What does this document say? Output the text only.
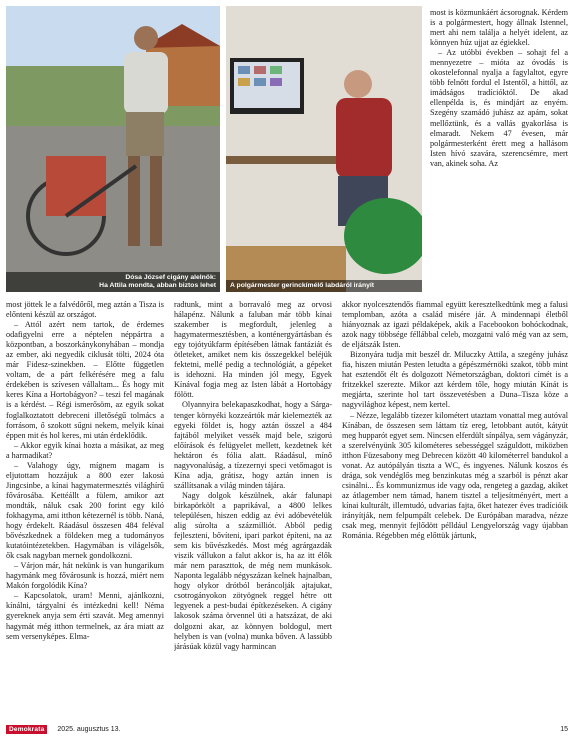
Dósa József cigány alelnök:
Ha Attila mondta, abban biztos lehet A polgármester gerinckímélő labdáról irányít

most is közmunkáért ácsorognak. Kérdem is a polgármestert, hogy állnak Istennel, mert ahi nem találja a helyét idelent, az könnyen húz ujjat az égiekkel.

– Az utóbbi években – sohajt fel a mennyezetre – mióta az óvodás is okostelefonnal nyalja a fagylaltot, egyre több felnőtt fordul el Istentől, a hittől, az imádságos tradícióktól. De akad ellenpélda is, és mindjárt az enyém. Szegény szamádó juhász az apám, sokat mellőztünk, és a vallás gyakorlása is elmaradt. Nekem 47 évesen, már polgármesterként érett meg a hallásom Isten hívó szavára, szerencsémre, mert van, akinek soha. Az

most jöttek le a falvédőről, meg aztán a Tisza is előnteni készül az országot.

– Attól azért nem tartok, de érdemes odafigyelni erre a néptelen néppártra a központban, a boszorkánykonyhában – mondja az ember, aki negyedik ciklusát tölti, 2024 óta már Fidesz-szinekben. – Előtte független voltam, de a párt felkérésére meg a falu érdekében is szívesen vállaltam... És hogy mit keres Kína a Hortobágyon? – teszi fel magának is a kérdést. – Régi ismerősöm, az egyik sokat foglalkoztatott debreceni illetőségű tolmács a forrásom, ő szokott sűgni nekem, melyik kínai éppen mit és hol keres, mi után érdeklődik.

– Akkor egyik kínai hozta a másikat, az meg a harmadikat?

– Valahogy úgy, mígnem magam is eljutottam hozzájuk a 800 ezer lakosú Jingcsinbe, a kínai hagymatermesztés világhírű fővárosába. Kettéállt a fülem, amikor azt mondták, náluk csak 200 forint egy kiló fokhagyma, ami itthon kétezernél is több. Naná, hogy érdekelt. Ráadásul összesen 484 feléval bővészkednek a földeken meg a tudományos kutatóintézetekben. Hagymában is világelsők, ők csak nagyban mernek gondolkozni.

– Várjon már, hát nekünk is van hungarikum hagymánk meg fővárosunk is hozzá, miért nem Makón forgolódik Kína?

– Kapcsolatok, uram! Menni, ajánlkozni, kínálni, tárgyalni és intézkedni kell! Néma gyereknek anyja sem érti szavát. Meg amennyi hagymát még itthon termelnek, az ára miatt az sem versenyképes. Elma-

radtunk, mint a borravaló meg az orvosi hálapénz. Nálunk a faluban már több kínai szakember is megfordult, jelenleg a hagymatermesztésben, a konténergyártásban és egy tojótyúkfarm építésében látnak fantáziát és ötleteket, amiket nem kis összegekkel beléjük fektetni, mellé pedig a technológiát, a gépeket is idehozni. Ha minden jól megy, Egyek Kínával fogja meg az Isten lábát a Hortobágy fölött.

Olyannyira belekapaszkodhat, hogy a Sárga-tenger környéki kozzeártók már kielemezték az egyeki földet is, hogy aztán összel a 484 fajtából melyiket vessék majd bele, szigorú előírások és felügyelet mellett, kezdetnek két hektáron és fólia alatt. Ráadásul, mínő nagyvonalúság, a tízezernyi speci vetőmagot is Kína adja, grátisz, hogy aztán innen is szállítsanak a világ minden tájára.

Nagy dolgok készülnek, akár falunapi birkapörkölt a paprikával, a 4800 lelkes településen, hiszen eddig az évi adóbevételük alig súrolta a százmilliót. Abból pedig fejleszteni, bővíteni, ipari parkot építeni, na az sem kis bűvészkedés. Most még agrárgazdák viszik vállukon a falut akkor is, ha az itt élők már nem paraszttok, de még nem munkások. Naponta legalább négyszázan kelnek hajnalban, hogy olykor drótból beráncolják ajtajukat, csotrogányokon zötyögnek reggel hétre ott legyenek a pest-budai építkezéseken. A cigány lakosok száma örvennel üti a hatszázat, de aki dolgozni akar, az könnyen boldogul, mert helyben is van (volna) munka bőven. A lassúbb járásúak közül vagy harmincan

akkor nyolcesztendős fiammal együtt keresztelkedtünk meg a falusi templomban, azóta a család misére jár. A mindennapi életből hiányoznak az igazi példaképek, akik a Facebookon bohóckodnak, azok nagy többsége féllábbal celeb, mozgatni való még van az sem, de eljátszák Isten.

Bizonyára tudja mit beszél dr. Miluczky Attila, a szegény juhász fia, hiszen miután Pesten letudta a gépészmérnöki szakot, több mint hat esztendőt élt és dolgozott Németországban, doktori címét is a fritzekkel szerezte. Mikor azt kérdem tőle, hogy miután Kínát is megjárta, szerinte hol tart összevetésben a Duna–Tisza köze a nagyvilághoz képest, nem kertel.

– Nézze, legalább tízezer kilométert utaztam vonattal meg autóval Kínában, de összesen sem láttam tíz ereg, letobbant autót, kátyút meg hupparót egyet sem. Nincsen elferdült sínpálya, sem vágányzár, a szerelvényünk 305 kilométeres sebességgel száguldott, miközben itthon Füzesabony meg Debrecen között 40 kilométerrel bandukol a vonat. Az autópályán tiszta a WC, és ingyenes. Nálunk koszos és drága, sok vendéglős meg benzinkutas még a szarból is pénzt akar csinálni... És kommunizmus ide vagy oda, rengeteg a gazdag, akiket az átlagember nem támad, hanem tisztel a teljesítményért, mert a kínai kulturált, illemtudó, udvarias fajta, őket hatezer éves tradícióik irányítják, nem felpumpált celebek. De Európában maradva, nézze csak meg, mennyit fejlődött pélldául Lengyelország vagy újabban Románia. Régebben még előttük jártunk,

Demokrata	2025. augusztus 13.	15
